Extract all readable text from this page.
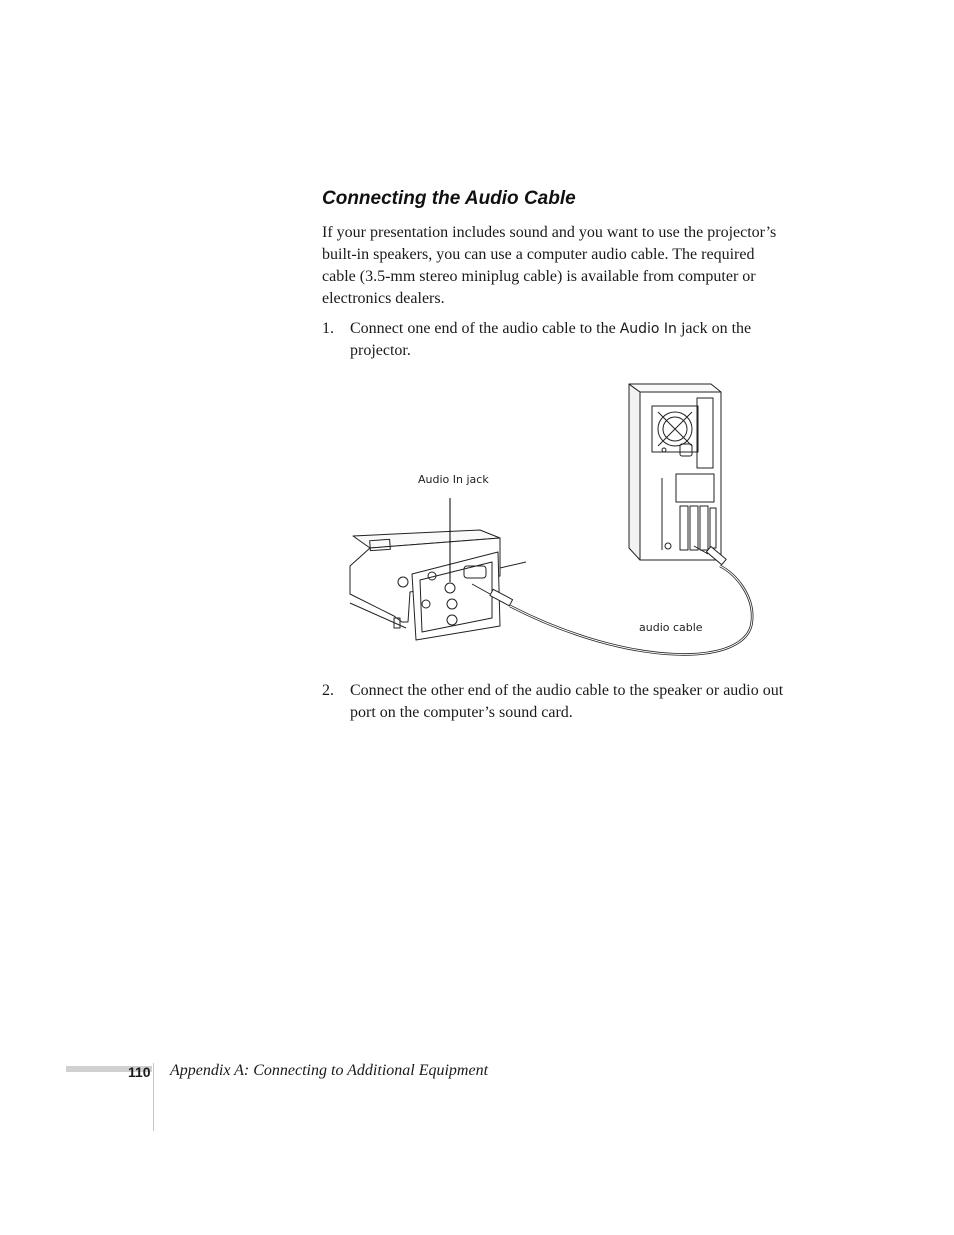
Connecting the Audio Cable

If your presentation includes sound and you want to use the projector’s built-in speakers, you can use a computer audio cable. The required cable (3.5-mm stereo miniplug cable) is available from computer or electronics dealers.

1. Connect one end of the audio cable to the Audio In jack on the projector.
Audio In jack
audio cable
2. Connect the other end of the audio cable to the speaker or audio out port on the computer’s sound card.
110 Appendix A: Connecting to Additional Equipment
